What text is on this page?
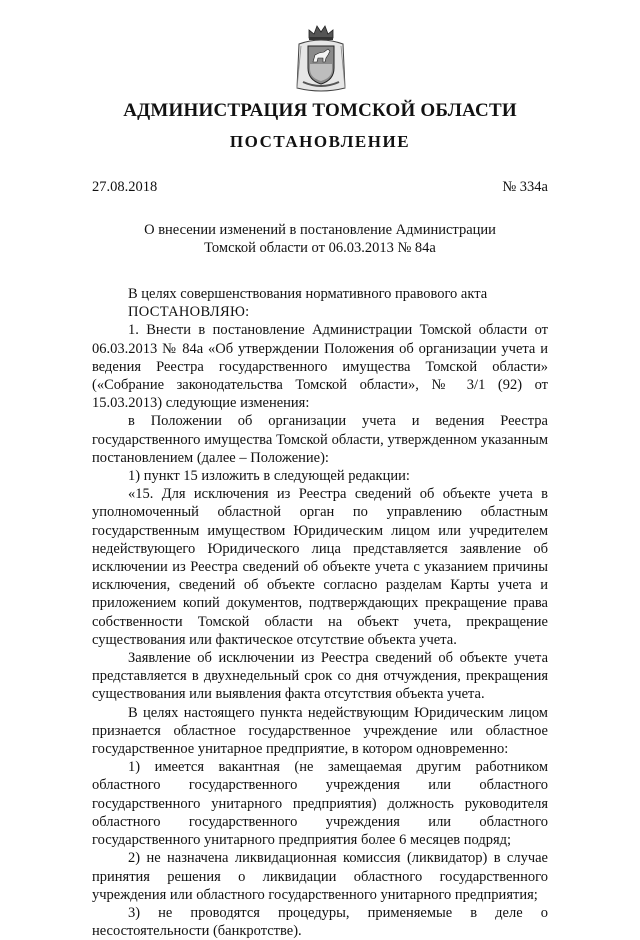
АДМИНИСТРАЦИЯ ТОМСКОЙ ОБЛАСТИ
ПОСТАНОВЛЕНИЕ
27.08.2018	№ 334а
О внесении изменений в постановление Администрации
Томской области от 06.03.2013 № 84а

В целях совершенствования нормативного правового акта

ПОСТАНОВЛЯЮ:

1. Внести в постановление Администрации Томской области от 06.03.2013 № 84а «Об утверждении Положения об организации учета и ведения Реестра государственного имущества Томской области» («Собрание законодательства Томской области», № 3/1 (92) от 15.03.2013) следующие изменения:

в Положении об организации учета и ведения Реестра государственного имущества Томской области, утвержденном указанным постановлением (далее – Положение):

1) пункт 15 изложить в следующей редакции:

«15. Для исключения из Реестра сведений об объекте учета в уполномоченный областной орган по управлению областным государственным имуществом Юридическим лицом или учредителем недействующего Юридического лица представляется заявление об исключении из Реестра сведений об объекте учета с указанием причины исключения, сведений об объекте согласно разделам Карты учета и приложением копий документов, подтверждающих прекращение права собственности Томской области на объект учета, прекращение существования или фактическое отсутствие объекта учета.

Заявление об исключении из Реестра сведений об объекте учета представляется в двухнедельный срок со дня отчуждения, прекращения существования или выявления факта отсутствия объекта учета.

В целях настоящего пункта недействующим Юридическим лицом признается областное государственное учреждение или областное государственное унитарное предприятие, в котором одновременно:

1) имеется вакантная (не замещаемая другим работником областного государственного учреждения или областного государственного унитарного предприятия) должность руководителя областного государственного учреждения или областного государственного унитарного предприятия более 6 месяцев подряд;

2) не назначена ликвидационная комиссия (ликвидатор) в случае принятия решения о ликвидации областного государственного учреждения или областного государственного унитарного предприятия;

3) не проводятся процедуры, применяемые в деле о несостоятельности (банкротстве).
